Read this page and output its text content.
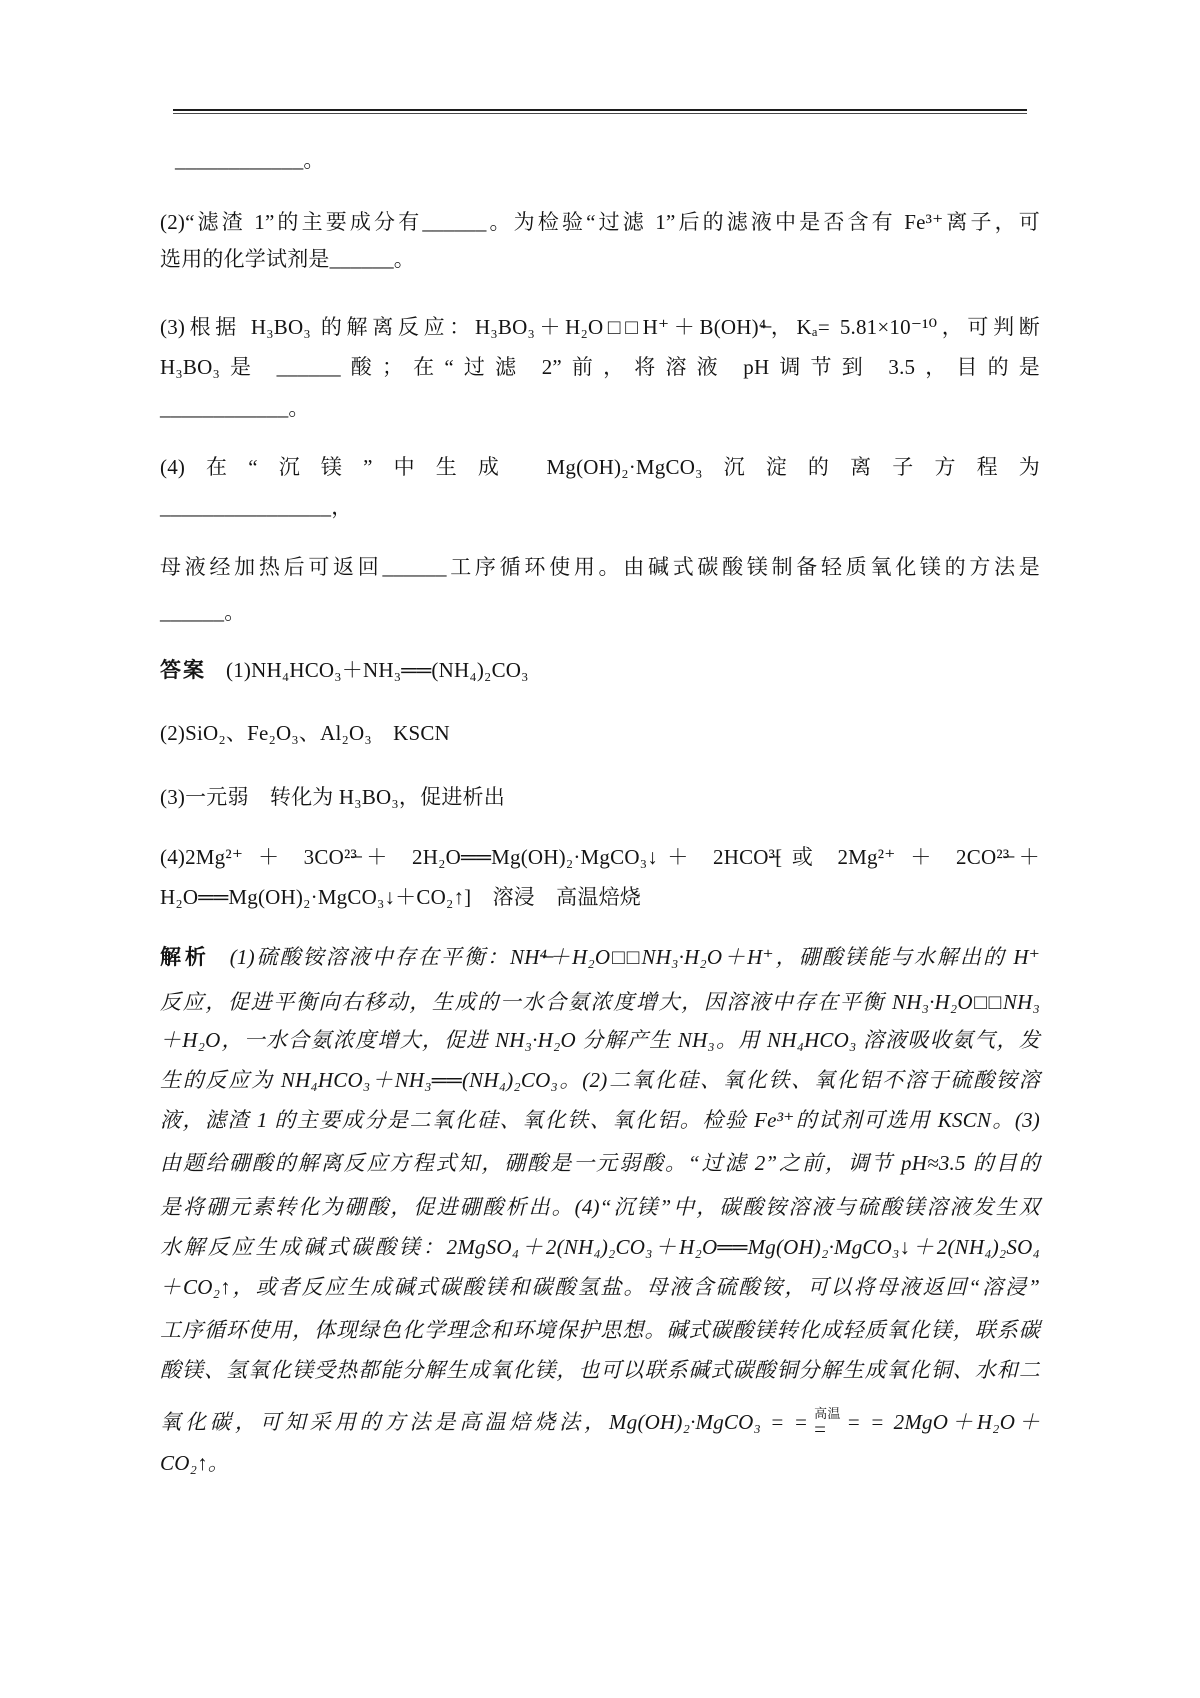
____________。
(2)“滤渣 1”的主要成分有______。为检验“过滤 1”后的滤液中是否含有 Fe³⁺离子，可
选用的化学试剂是______。
(3)根据 H₃BO₃ 的解离反应：H₃BO₃＋H₂O□□H⁺＋B(OH)⁴̶，Kₐ= 5.81×10⁻¹⁰，可判断
H₃BO₃是 ______酸；在“过滤 2”前，将溶液 pH调节到 3.5，目的是
____________。
(4)在“沉镁”中生成 Mg(OH)₂·MgCO₃沉淀的离子方程为
________________，
母液经加热后可返回______工序循环使用。由碱式碳酸镁制备轻质氧化镁的方法是
______。
答案 (1)NH₄HCO₃＋NH₃══(NH₄)₂CO₃
(2)SiO₂、Fe₂O₃、Al₂O₃　KSCN
(3)一元弱　转化为 H₃BO₃，促进析出
(4)2Mg²⁺ ＋ 3CO²³̶＋ 2H₂O══Mg(OH)₂·MgCO₃↓＋ 2HCO³̶[或 2Mg²⁺ ＋ 2CO²³̶＋
H₂O══Mg(OH)₂·MgCO₃↓＋CO₂↑]　溶浸　高温焙烧
解析 (1)硫酸铵溶液中存在平衡：NH⁴̶＋H₂O□□NH₃·H₂O＋H⁺，硼酸镁能与水解出的 H⁺
反应，促进平衡向右移动，生成的一水合氨浓度增大，因溶液中存在平衡 NH₃·H₂O□□NH₃
＋H₂O，一水合氨浓度增大，促进 NH₃·H₂O 分解产生 NH₃。用 NH₄HCO₃ 溶液吸收氨气，发
生的反应为 NH₄HCO₃＋NH₃══(NH₄)₂CO₃。(2)二氧化硅、氧化铁、氧化铝不溶于硫酸铵溶
液，滤渣 1 的主要成分是二氧化硅、氧化铁、氧化铝。检验 Fe³⁺的试剂可选用 KSCN。(3)
由题给硼酸的解离反应方程式知，硼酸是一元弱酸。“过滤 2”之前，调节 pH≈3.5 的目的
是将硼元素转化为硼酸，促进硼酸析出。(4)“沉镁”中，碳酸铵溶液与硫酸镁溶液发生双
水解反应生成碱式碳酸镁：2MgSO₄＋2(NH₄)₂CO₃＋H₂O══Mg(OH)₂·MgCO₃↓＋2(NH₄)₂SO₄
＋CO₂↑，或者反应生成碱式碳酸镁和碳酸氢盐。母液含硫酸铵，可以将母液返回“溶浸”
工序循环使用，体现绿色化学理念和环境保护思想。碱式碳酸镁转化成轻质氧化镁，联系碳
酸镁、氢氧化镁受热都能分解生成氧化镁，也可以联系碱式碳酸铜分解生成氧化铜、水和二
氧化碳，可知采用的方法是高温焙烧法，Mg(OH)₂·MgCO₃ = = 高温
= = = 2MgO＋H₂O＋
CO₂↑。
